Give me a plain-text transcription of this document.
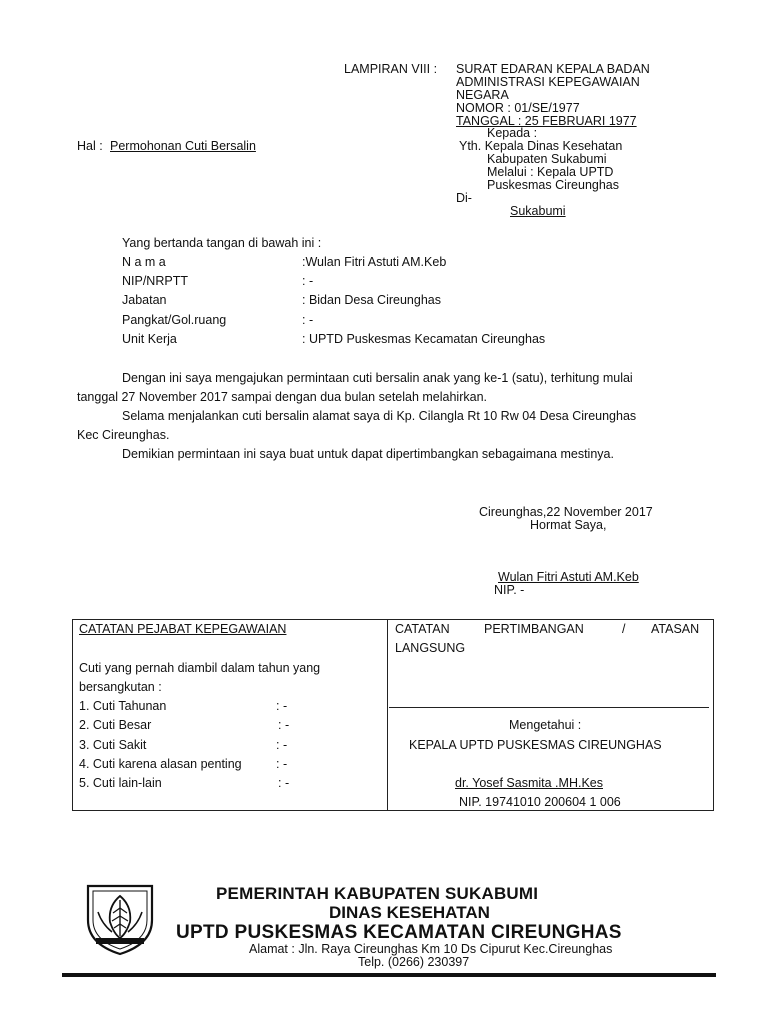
LAMPIRAN VIII : SURAT EDARAN KEPALA BADAN
ADMINISTRASI KEPEGAWAIAN
NEGARA
NOMOR : 01/SE/1977
TANGGAL : 25 FEBRUARI 1977
Hal : Permohonan Cuti Bersalin
Kepada :
Yth. Kepala Dinas Kesehatan
Kabupaten Sukabumi
Melalui : Kepala UPTD
Puskesmas Cireunghas
Di-
Sukabumi
Yang bertanda tangan di bawah ini :
N a m a	:Wulan Fitri Astuti AM.Keb
NIP/NRPTT	: -
Jabatan	: Bidan Desa Cireunghas
Pangkat/Gol.ruang	: -
Unit Kerja	: UPTD Puskesmas Kecamatan Cireunghas
Dengan ini saya mengajukan permintaan cuti bersalin anak yang ke-1 (satu), terhitung mulai
tanggal 27 November 2017 sampai dengan dua bulan setelah melahirkan.
Selama menjalankan cuti bersalin alamat saya di Kp. Cilangla Rt 10 Rw 04 Desa Cireunghas
Kec Cireunghas.
Demikian permintaan ini saya buat untuk dapat dipertimbangkan sebagaimana mestinya.
Cireunghas,22 November 2017
Hormat Saya,
Wulan Fitri Astuti AM.Keb
NIP. -
CATATAN PEJABAT KEPEGAWAIAN
Cuti yang pernah diambil dalam tahun yang
bersangkutan :
1. Cuti Tahunan	: -
2. Cuti Besar	: -
3. Cuti Sakit	: -
4. Cuti karena alasan penting	: -
5. Cuti lain-lain	: -
CATATAN	PERTIMBANGAN	/ ATASAN
LANGSUNG
Mengetahui :
KEPALA UPTD PUSKESMAS CIREUNGHAS
dr. Yosef Sasmita .MH.Kes
NIP. 19741010 200604 1 006
PEMERINTAH KABUPATEN SUKABUMI
DINAS KESEHATAN
UPTD PUSKESMAS KECAMATAN CIREUNGHAS
Alamat : Jln. Raya Cireunghas Km 10 Ds Cipurut Kec.Cireunghas
Telp. (0266) 230397
